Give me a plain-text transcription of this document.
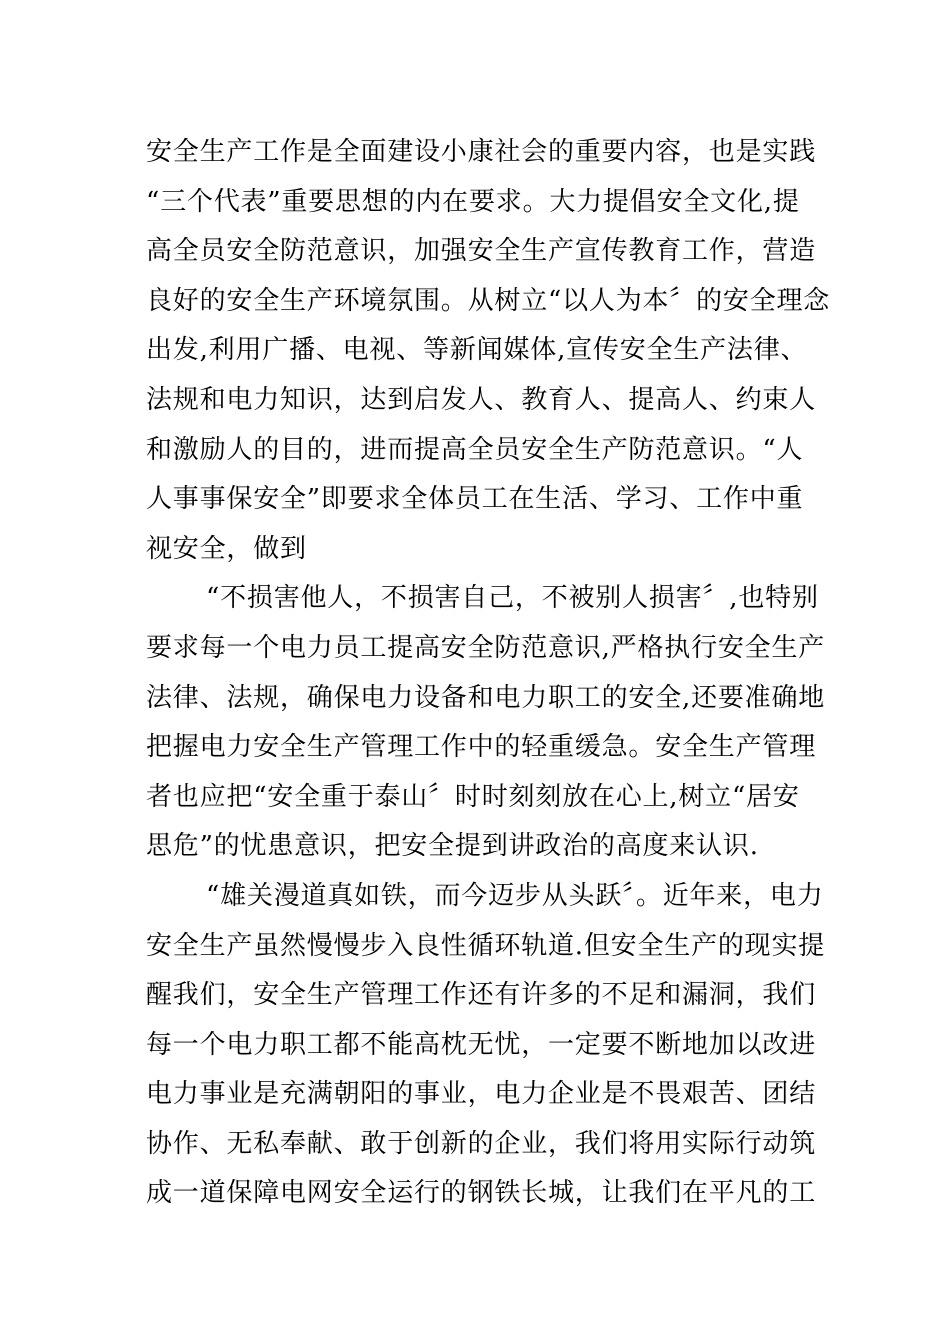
安全生产工作是全面建设小康社会的重要内容，也是实践
“三个代表”重要思想的内在要求。大力提倡安全文化,提
高全员安全防范意识，加强安全生产宣传教育工作，营造
良好的安全生产环境氛围。从树立“以人为本〞的安全理念
出发,利用广播、电视、等新闻媒体,宣传安全生产法律、
法规和电力知识，达到启发人、教育人、提高人、约束人
和激励人的目的，进而提高全员安全生产防范意识。“人
人事事保安全”即要求全体员工在生活、学习、工作中重
视安全，做到
“不损害他人，不损害自己，不被别人损害〞,也特别
要求每一个电力员工提高安全防范意识,严格执行安全生产
法律、法规，确保电力设备和电力职工的安全,还要准确地
把握电力安全生产管理工作中的轻重缓急。安全生产管理
者也应把“安全重于泰山〞时时刻刻放在心上,树立“居安
思危”的忧患意识，把安全提到讲政治的高度来认识.
“雄关漫道真如铁，而今迈步从头跃〞。近年来，电力
安全生产虽然慢慢步入良性循环轨道.但安全生产的现实提
醒我们，安全生产管理工作还有许多的不足和漏洞，我们
每一个电力职工都不能高枕无忧，一定要不断地加以改进
电力事业是充满朝阳的事业，电力企业是不畏艰苦、团结
协作、无私奉献、敢于创新的企业，我们将用实际行动筑
成一道保障电网安全运行的钢铁长城，让我们在平凡的工
